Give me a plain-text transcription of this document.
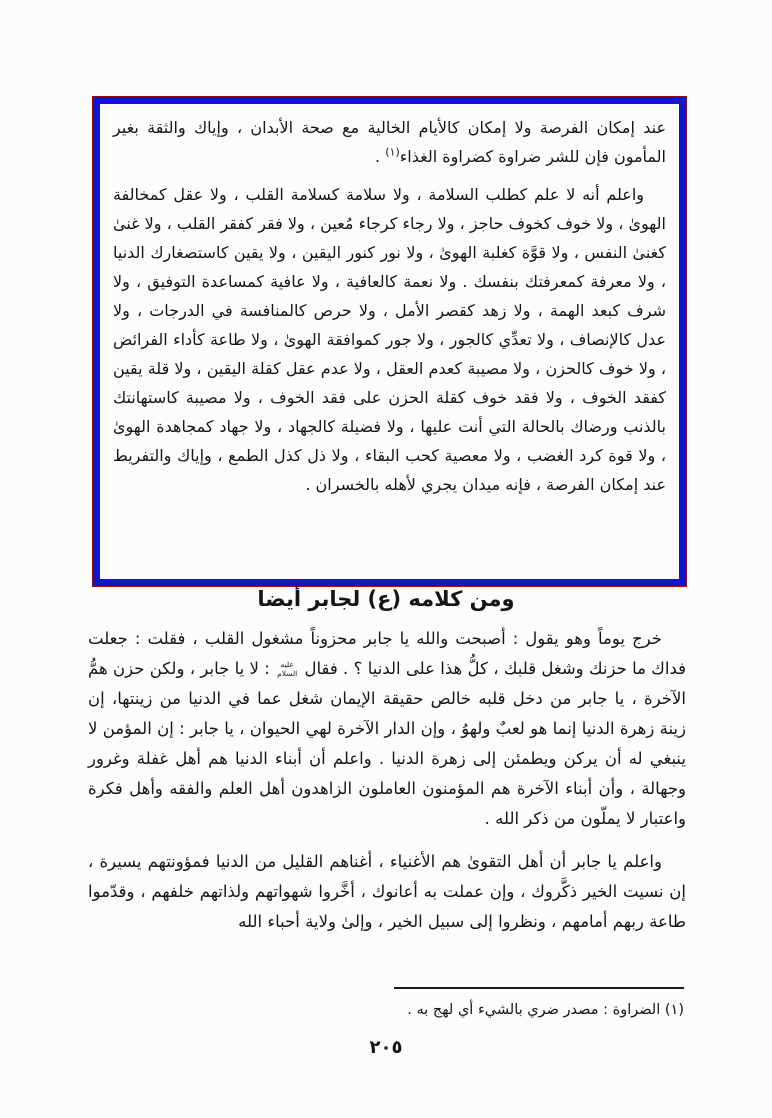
عند إمكان الفرصة ولا إمكان كالأيام الخالية مع صحة الأبدان ، وإياك والثقة بغير المأمون فإن للشر ضراوة كضراوة الغذاء$^{(١)}$ .

واعلم أنه لا علم كطلب السلامة ، ولا سلامة كسلامة القلب ، ولا عقل كمخالفة الهوىٰ ، ولا خوف كخوف حاجز ، ولا رجاء كرجاء مُعين ، ولا فقر كفقر القلب ، ولا غنىٰ كغنىٰ النفس ، ولا قوَّة كغلبة الهوىٰ ، ولا نور كنور اليقين ، ولا يقين كاستصغارك الدنيا ، ولا معرفة كمعرفتك بنفسك . ولا نعمة كالعافية ، ولا عافية كمساعدة التوفيق ، ولا شرف كبعد الهمة ، ولا زهد كقصر الأمل ، ولا حرص كالمنافسة في الدرجات ، ولا عدل كالإنصاف ، ولا تعدِّي كالجور ، ولا جور كموافقة الهوىٰ ، ولا طاعة كأداء الفرائض ، ولا خوف كالحزن ، ولا مصيبة كعدم العقل ، ولا عدم عقل كقلة اليقين ، ولا قلة يقين كفقد الخوف ، ولا فقد خوف كقلة الحزن على فقد الخوف ، ولا مصيبة كاستهانتك بالذنب ورضاك بالحالة التي أنت عليها ، ولا فضيلة كالجهاد ، ولا جهاد كمجاهدة الهوىٰ ، ولا قوة كرد الغضب ، ولا معصية كحب البقاء ، ولا ذل كذل الطمع ، وإياك والتفريط عند إمكان الفرصة ، فإنه ميدان يجري لأهله بالخسران .

ومن كلامه (ع) لجابر أيضا

خرج يوماً وهو يقول : أصبحت والله يا جابر محزوناً مشغول القلب ، فقلت : جعلت فداك ما حزنك وشغل قلبك ، كلُّ هذا على الدنيا ؟ . فقال عليه السلام : لا يا جابر ، ولكن حزن همُّ الآخرة ، يا جابر من دخل قلبه خالص حقيقة الإيمان شغل عما في الدنيا من زينتها، إن زينة زهرة الدنيا إنما هو لعبٌ ولهوُ ، وإن الدار الآخرة لهي الحيوان ، يا جابر : إن المؤمن لا ينبغي له أن يركن ويطمئن إلى زهرة الدنيا . واعلم أن أبناء الدنيا هم أهل غفلة وغرور وجهالة ، وأن أبناء الآخرة هم المؤمنون العاملون الزاهدون أهل العلم والفقه وأهل فكرة واعتبار لا يملّون من ذكر الله .

واعلم يا جابر أن أهل التقوىٰ هم الأغنياء ، أغناهم القليل من الدنيا فمؤونتهم يسيرة ، إن نسيت الخير ذكَّروك ، وإن عملت به أعانوك ، أخَّروا شهواتهم ولذاتهم خلفهم ، وقدّموا طاعة ربهم أمامهم ، ونظروا إلى سبيل الخير ، وإلىٰ ولاية أحباء الله

(١) الضراوة : مصدر ضري بالشيء أي لهج به .

٢٠٥
